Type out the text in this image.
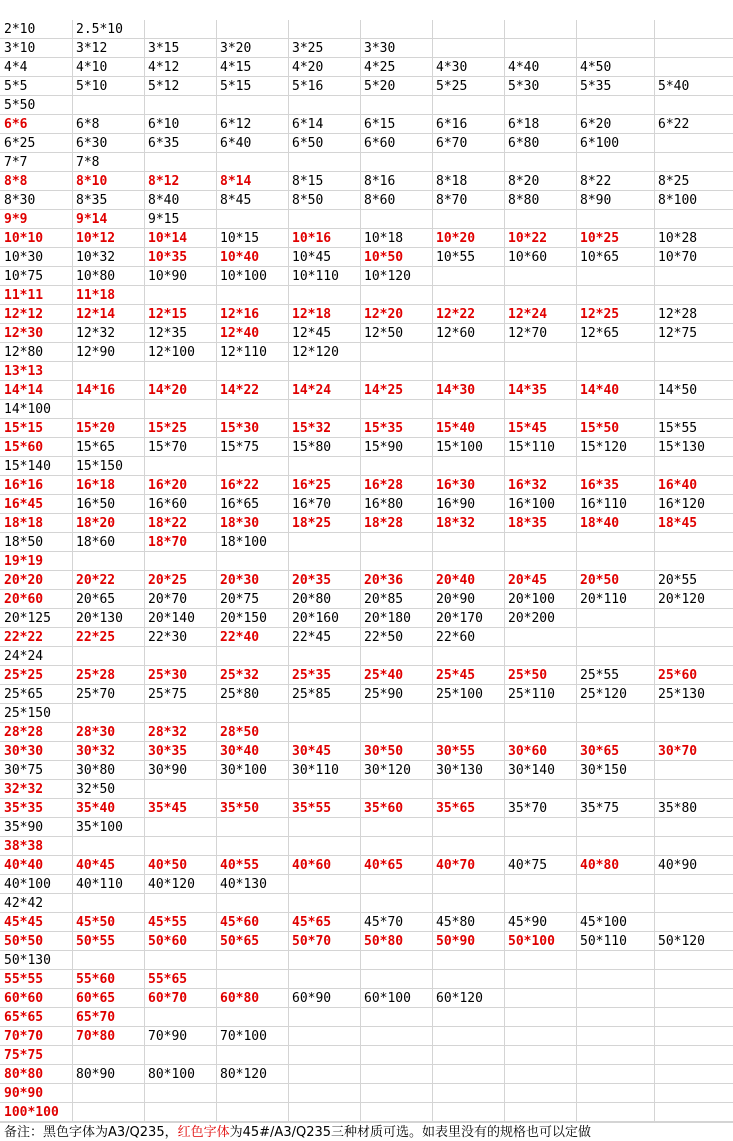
2*10	2.5*10
3*10	3*12	3*15	3*20	3*25	3*30
4*4	4*10	4*12	4*15	4*20	4*25	4*30	4*40	4*50
5*5	5*10	5*12	5*15	5*16	5*20	5*25	5*30	5*35	5*40
5*50
6*6	6*8	6*10	6*12	6*14	6*15	6*16	6*18	6*20	6*22
6*25	6*30	6*35	6*40	6*50	6*60	6*70	6*80	6*100
7*7	7*8
8*8	8*10	8*12	8*14	8*15	8*16	8*18	8*20	8*22	8*25
8*30	8*35	8*40	8*45	8*50	8*60	8*70	8*80	8*90	8*100
9*9	9*14	9*15
10*10	10*12	10*14	10*15	10*16	10*18	10*20	10*22	10*25	10*28
10*30	10*32	10*35	10*40	10*45	10*50	10*55	10*60	10*65	10*70
10*75	10*80	10*90	10*100	10*110	10*120
11*11	11*18
12*12	12*14	12*15	12*16	12*18	12*20	12*22	12*24	12*25	12*28
12*30	12*32	12*35	12*40	12*45	12*50	12*60	12*70	12*65	12*75
12*80	12*90	12*100	12*110	12*120
13*13
14*14	14*16	14*20	14*22	14*24	14*25	14*30	14*35	14*40	14*50
14*100
15*15	15*20	15*25	15*30	15*32	15*35	15*40	15*45	15*50	15*55
15*60	15*65	15*70	15*75	15*80	15*90	15*100	15*110	15*120	15*130
15*140	15*150
16*16	16*18	16*20	16*22	16*25	16*28	16*30	16*32	16*35	16*40
16*45	16*50	16*60	16*65	16*70	16*80	16*90	16*100	16*110	16*120
18*18	18*20	18*22	18*30	18*25	18*28	18*32	18*35	18*40	18*45
18*50	18*60	18*70	18*100
19*19
20*20	20*22	20*25	20*30	20*35	20*36	20*40	20*45	20*50	20*55
20*60	20*65	20*70	20*75	20*80	20*85	20*90	20*100	20*110	20*120
20*125	20*130	20*140	20*150	20*160	20*180	20*170	20*200
22*22	22*25	22*30	22*40	22*45	22*50	22*60
24*24
25*25	25*28	25*30	25*32	25*35	25*40	25*45	25*50	25*55	25*60
25*65	25*70	25*75	25*80	25*85	25*90	25*100	25*110	25*120	25*130
25*150
28*28	28*30	28*32	28*50
30*30	30*32	30*35	30*40	30*45	30*50	30*55	30*60	30*65	30*70
30*75	30*80	30*90	30*100	30*110	30*120	30*130	30*140	30*150
32*32	32*50
35*35	35*40	35*45	35*50	35*55	35*60	35*65	35*70	35*75	35*80
35*90	35*100
38*38
40*40	40*45	40*50	40*55	40*60	40*65	40*70	40*75	40*80	40*90
40*100	40*110	40*120	40*130
42*42
45*45	45*50	45*55	45*60	45*65	45*70	45*80	45*90	45*100
50*50	50*55	50*60	50*65	50*70	50*80	50*90	50*100	50*110	50*120
50*130
55*55	55*60	55*65
60*60	60*65	60*70	60*80	60*90	60*100	60*120
65*65	65*70
70*70	70*80	70*90	70*100
75*75
80*80	80*90	80*100	80*120
90*90
100*100
备注：黑色字体为A3/Q235，红色字体为45#/A3/Q235三种材质可选。如表里没有的规格也可以定做
